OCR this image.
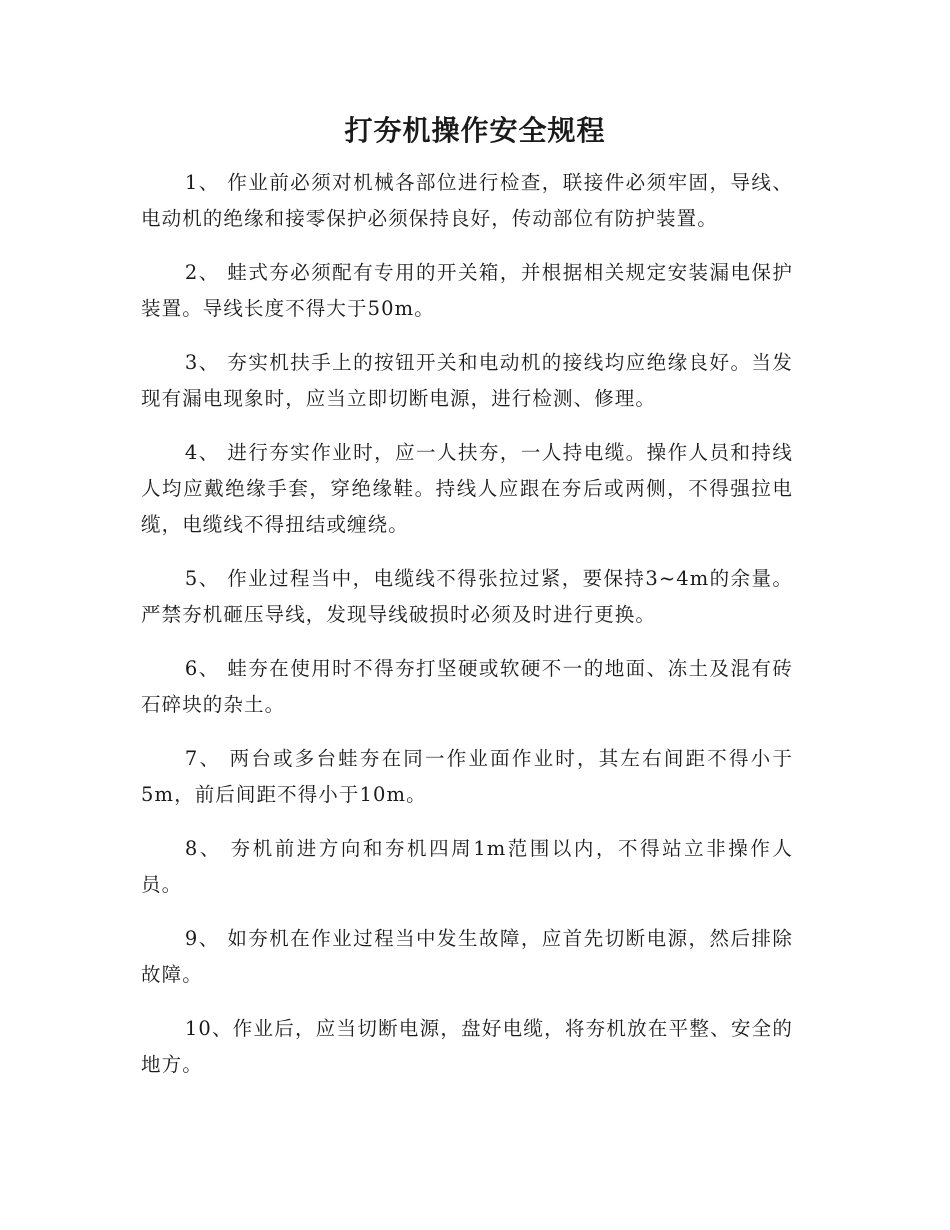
打夯机操作安全规程

1、 作业前必须对机械各部位进行检查，联接件必须牢固，导线、电动机的绝缘和接零保护必须保持良好，传动部位有防护装置。

2、 蛙式夯必须配有专用的开关箱，并根据相关规定安装漏电保护装置。导线长度不得大于50m。

3、 夯实机扶手上的按钮开关和电动机的接线均应绝缘良好。当发现有漏电现象时，应当立即切断电源，进行检测、修理。

4、 进行夯实作业时，应一人扶夯，一人持电缆。操作人员和持线人均应戴绝缘手套，穿绝缘鞋。持线人应跟在夯后或两侧，不得强拉电缆，电缆线不得扭结或缠绕。

5、 作业过程当中，电缆线不得张拉过紧，要保持3~4m的余量。严禁夯机砸压导线，发现导线破损时必须及时进行更换。

6、 蛙夯在使用时不得夯打坚硬或软硬不一的地面、冻土及混有砖石碎块的杂土。

7、 两台或多台蛙夯在同一作业面作业时，其左右间距不得小于5m，前后间距不得小于10m。

8、 夯机前进方向和夯机四周1m范围以内，不得站立非操作人员。

9、 如夯机在作业过程当中发生故障，应首先切断电源，然后排除故障。

10、作业后，应当切断电源，盘好电缆，将夯机放在平整、安全的地方。
